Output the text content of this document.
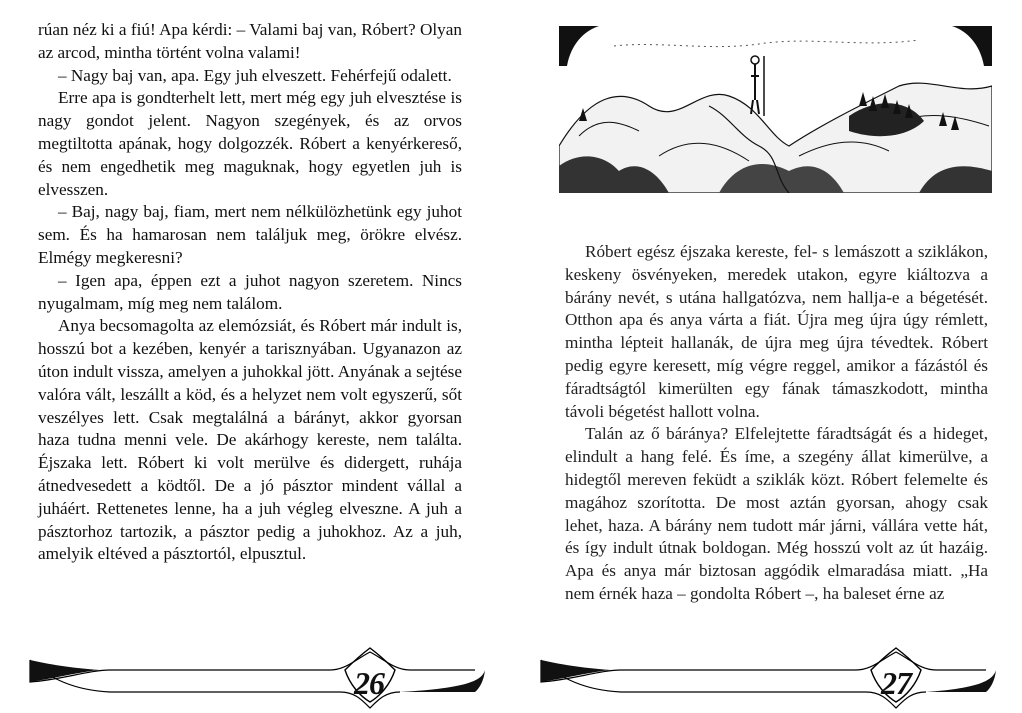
rúan néz ki a fiú! Apa kérdi: – Valami baj van, Róbert? Olyan az arcod, mintha történt volna valami!

– Nagy baj van, apa. Egy juh elveszett. Fehérfejű odalett.

Erre apa is gondterhelt lett, mert még egy juh elvesztése is nagy gondot jelent. Nagyon szegények, és az orvos megtiltotta apának, hogy dolgozzék. Róbert a kenyérkereső, és nem engedhetik meg maguknak, hogy egyetlen juh is elvesszen.

– Baj, nagy baj, fiam, mert nem nélkülözhetünk egy juhot sem. És ha hamarosan nem találjuk meg, örökre elvész. Elmégy megkeresni?

– Igen apa, éppen ezt a juhot nagyon szeretem. Nincs nyugalmam, míg meg nem találom.

Anya becsomagolta az elemózsiát, és Róbert már indult is, hosszú bot a kezében, kenyér a tarisznyában. Ugyanazon az úton indult vissza, amelyen a juhokkal jött. Anyának a sejtése valóra vált, leszállt a köd, és a helyzet nem volt egyszerű, sőt veszélyes lett. Csak megtalálná a bárányt, akkor gyorsan haza tudna menni vele. De akárhogy kereste, nem találta. Éjszaka lett. Róbert ki volt merülve és didergett, ruhája átnedvesedett a ködtől. De a jó pásztor mindent vállal a juháért. Rettenetes lenne, ha a juh végleg elveszne. A juh a pásztorhoz tartozik, a pásztor pedig a juhokhoz. Az a juh, amelyik eltéved a pásztortól, elpusztul.

26

Róbert egész éjszaka kereste, fel- s lemászott a sziklákon, keskeny ösvényeken, meredek utakon, egyre kiáltozva a bárány nevét, s utána hallgatózva, nem hallja-e a bégetését. Otthon apa és anya várta a fiát. Újra meg újra úgy rémlett, mintha lépteit hallanák, de újra meg újra tévedtek. Róbert pedig egyre keresett, míg végre reggel, amikor a fázástól és fáradtságtól kimerülten egy fának támaszkodott, mintha távoli bégetést hallott volna.

Talán az ő báránya? Elfelejtette fáradtságát és a hideget, elindult a hang felé. És íme, a szegény állat kimerülve, a hidegtől mereven feküdt a sziklák közt. Róbert felemelte és magához szorította. De most aztán gyorsan, ahogy csak lehet, haza. A bárány nem tudott már járni, vállára vette hát, és így indult útnak boldogan. Még hosszú volt az út hazáig. Apa és anya már biztosan aggódik elmaradása miatt. „Ha nem érnék haza – gondolta Róbert –, ha baleset érne az

27
